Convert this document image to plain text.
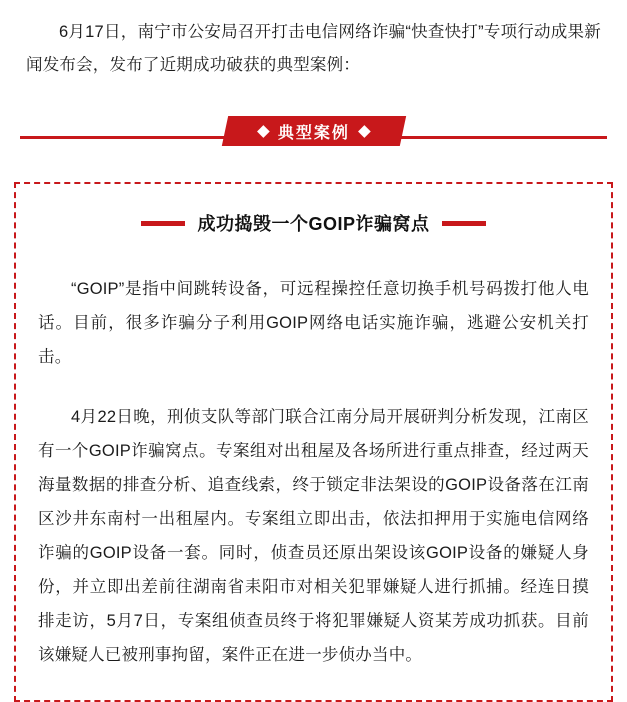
6月17日，南宁市公安局召开打击电信网络诈骗“快查快打”专项行动成果新闻发布会，发布了近期成功破获的典型案例：
典型案例
成功捣毁一个GOIP诈骗窝点

“GOIP”是指中间跳转设备，可远程操控任意切换手机号码拨打他人电话。目前，很多诈骗分子利用GOIP网络电话实施诈骗，逃避公安机关打击。

4月22日晚，刑侦支队等部门联合江南分局开展研判分析发现，江南区有一个GOIP诈骗窝点。专案组对出租屋及各场所进行重点排查，经过两天海量数据的排查分析、追查线索，终于锁定非法架设的GOIP设备落在江南区沙井东南村一出租屋内。专案组立即出击，依法扣押用于实施电信网络诈骗的GOIP设备一套。同时，侦查员还原出架设该GOIP设备的嫌疑人身份，并立即出差前往湖南省耒阳市对相关犯罪嫌疑人进行抓捕。经连日摸排走访，5月7日，专案组侦查员终于将犯罪嫌疑人资某芳成功抓获。目前该嫌疑人已被刑事拘留，案件正在进一步侦办当中。
